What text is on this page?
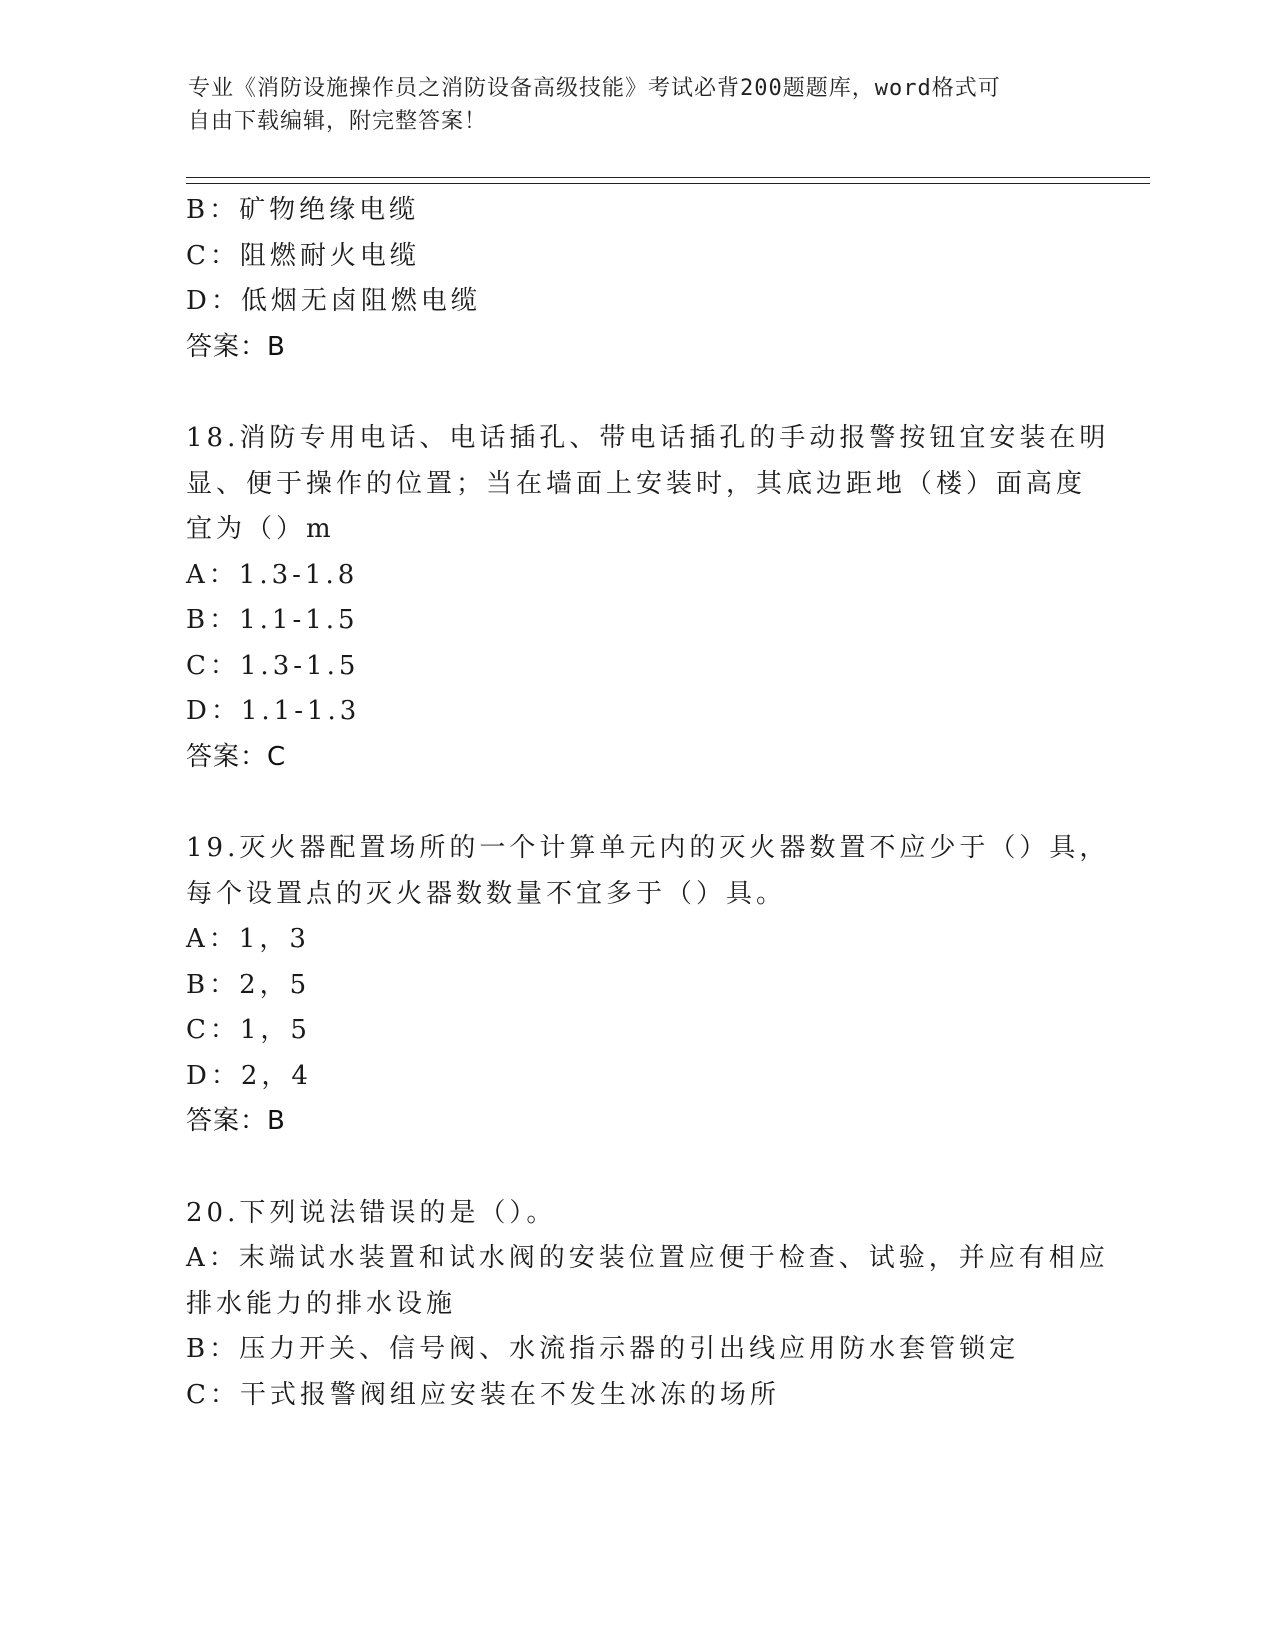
专业《消防设施操作员之消防设备高级技能》考试必背200题题库，word格式可
自由下载编辑，附完整答案！
B：矿物绝缘电缆
C：阻燃耐火电缆
D：低烟无卤阻燃电缆
答案：B
18.消防专用电话、电话插孔、带电话插孔的手动报警按钮宜安装在明
显、便于操作的位置；当在墙面上安装时，其底边距地（楼）面高度
宜为（）m
A：1.3-1.8
B：1.1-1.5
C：1.3-1.5
D：1.1-1.3
答案：C
19.灭火器配置场所的一个计算单元内的灭火器数置不应少于（）具，
每个设置点的灭火器数数量不宜多于（）具。
A：1，3
B：2，5
C：1，5
D：2，4
答案：B
20.下列说法错误的是（）。
A：末端试水装置和试水阀的安装位置应便于检查、试验，并应有相应
排水能力的排水设施
B：压力开关、信号阀、水流指示器的引出线应用防水套管锁定
C：干式报警阀组应安装在不发生冰冻的场所
